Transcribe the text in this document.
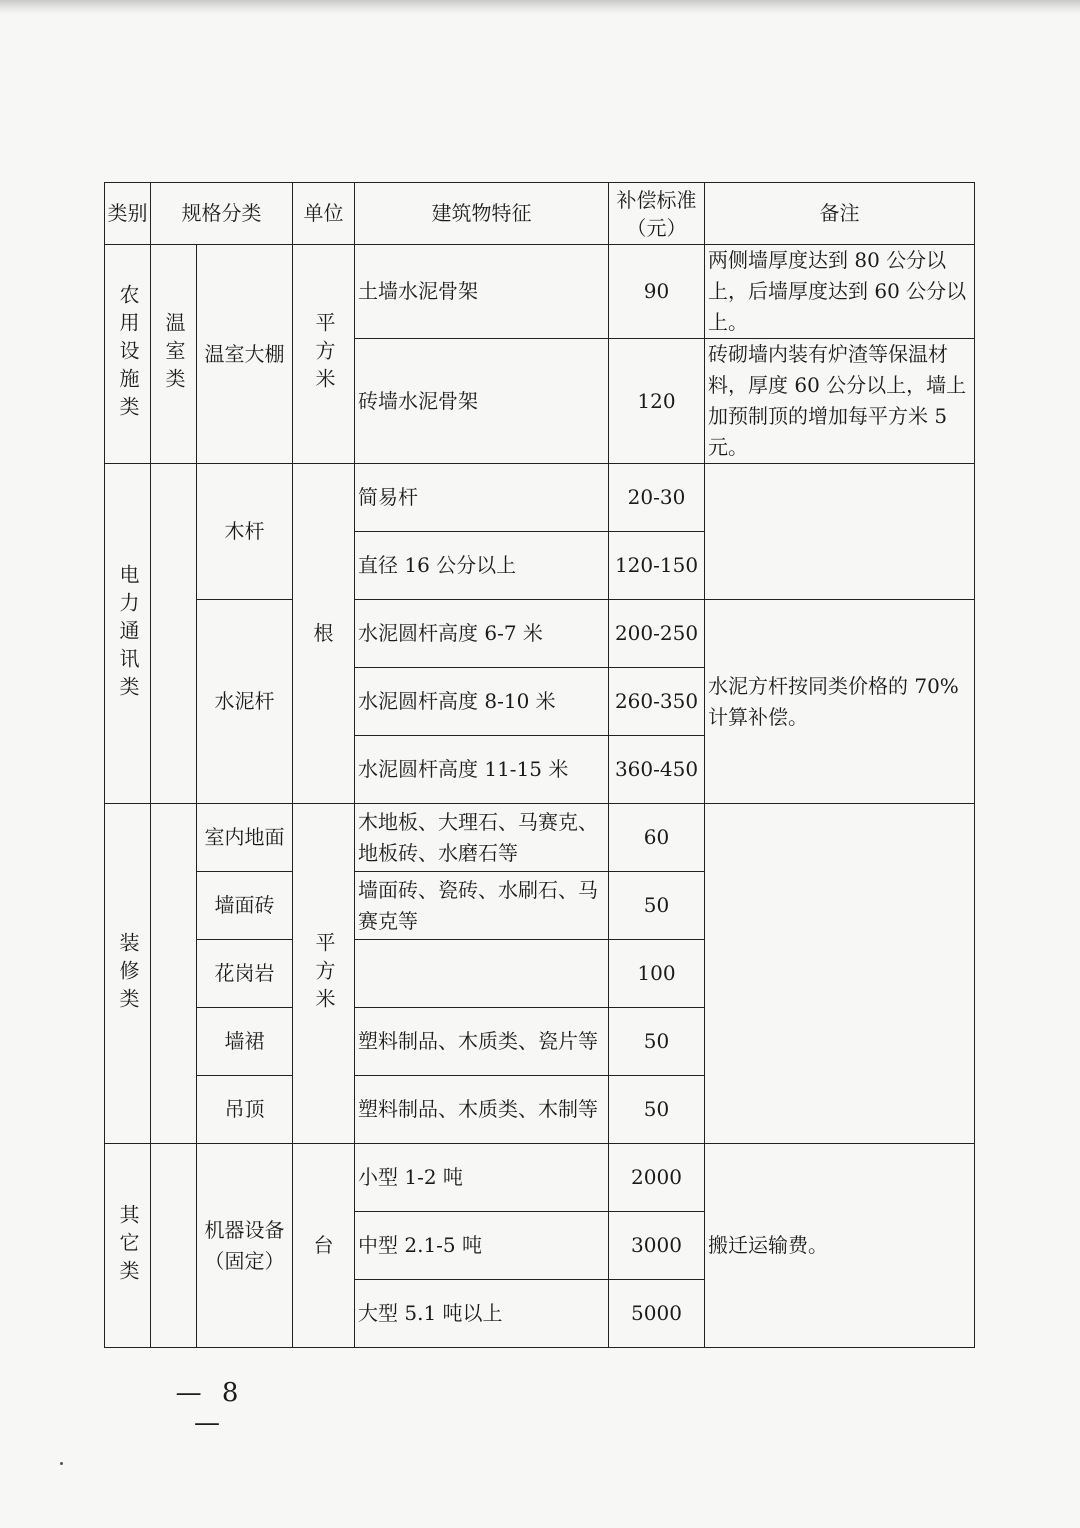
类别	规格分类		单位	建筑物特征	补偿标准（元）	备注

农用设施类	温室类	温室大棚	平方米	土墙水泥骨架	90	两侧墙厚度达到 80 公分以上，后墙厚度达到 60 公分以上。
				砖墙水泥骨架	120	砖砌墙内装有炉渣等保温材料，厚度 60 公分以上，墙上加预制顶的增加每平方米 5 元。

电力通讯类		木杆	根	简易杆	20-30	
				直径 16 公分以上	120-150	
		水泥杆		水泥圆杆高度 6-7 米	200-250	水泥方杆按同类价格的 70%计算补偿。
				水泥圆杆高度 8-10 米	260-350	
				水泥圆杆高度 11-15 米	360-450	

装修类		室内地面	平方米	木地板、大理石、马赛克、地板砖、水磨石等	60	
		墙面砖		墙面砖、瓷砖、水刷石、马赛克等	50	
		花岗岩			100	
		墙裙		塑料制品、木质类、瓷片等	50	
		吊顶		塑料制品、木质类、木制等	50	

其它类		机器设备（固定）	台	小型 1-2 吨	2000	搬迁运输费。
				中型 2.1-5 吨	3000	
				大型 5.1 吨以上	5000	
— 8 —
